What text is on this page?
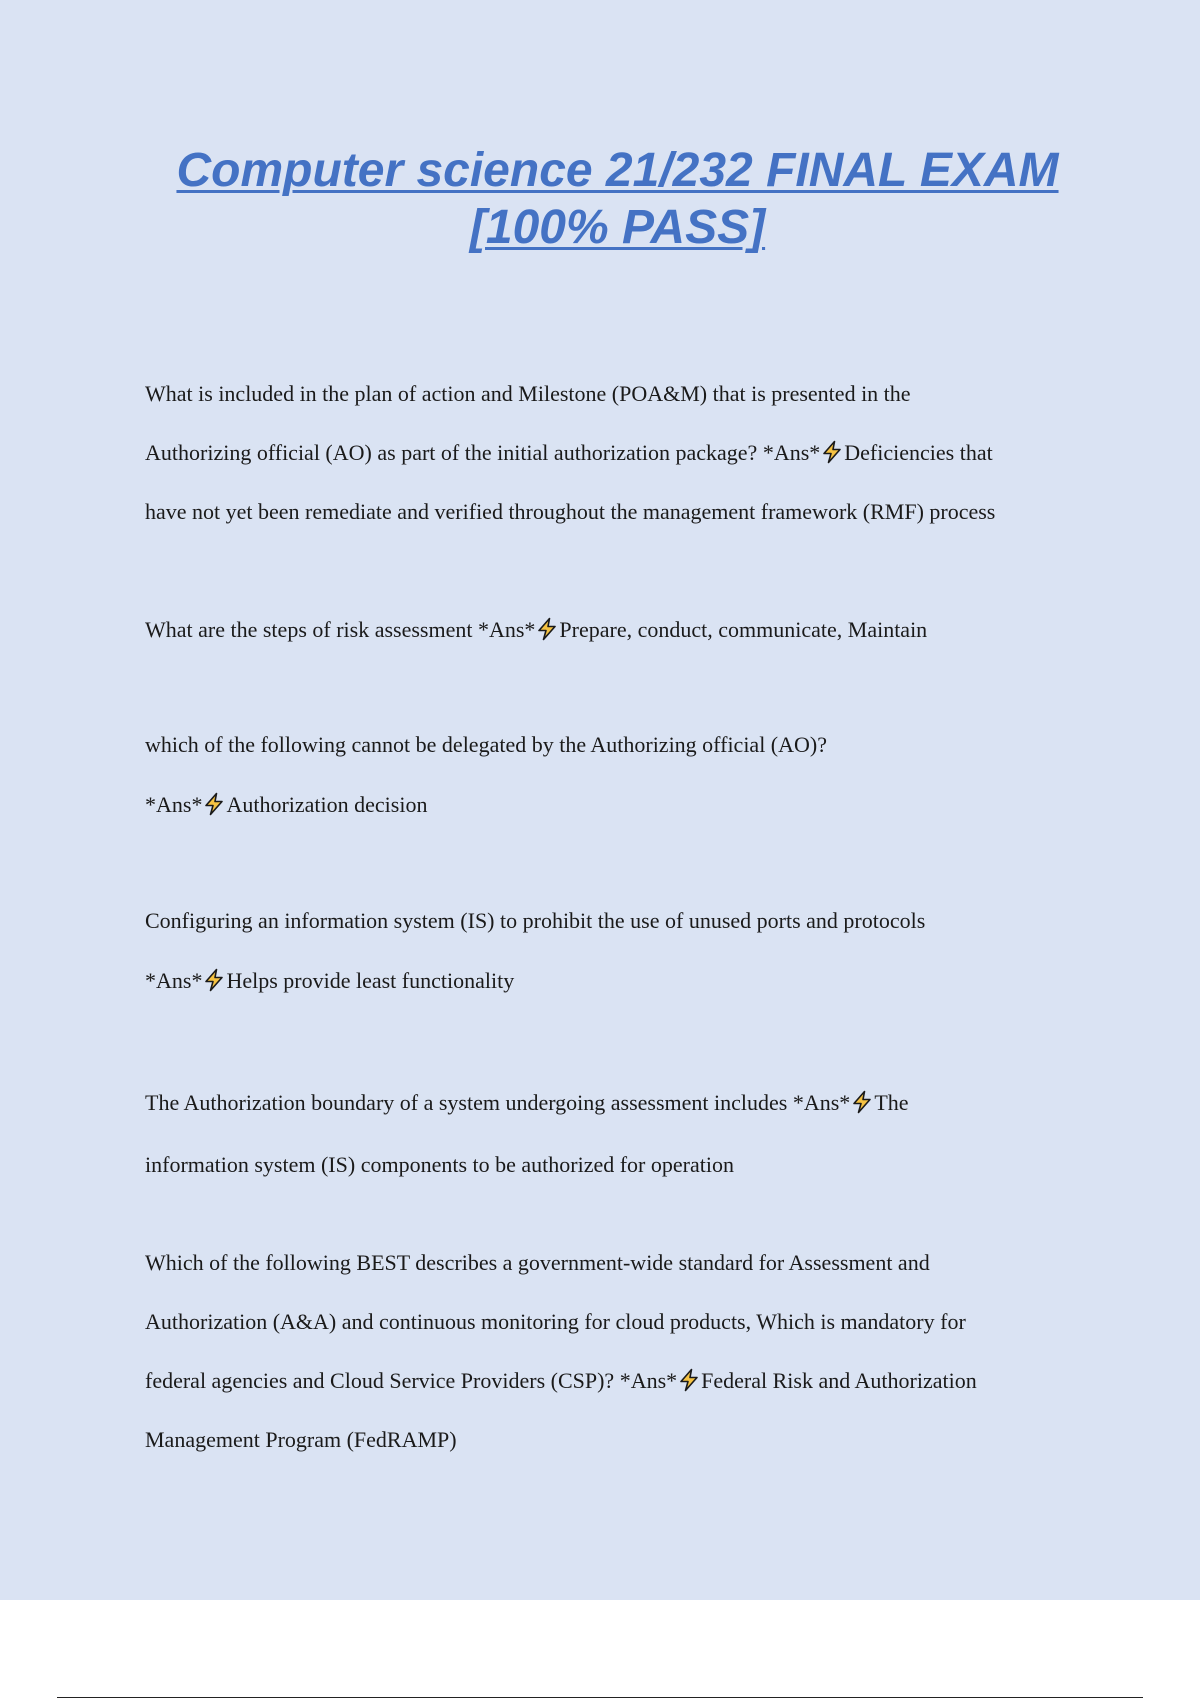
Computer science 21/232 FINAL EXAM
[100% PASS]

What is included in the plan of action and Milestone (POA&M) that is presented in the
Authorizing official (AO) as part of the initial authorization package? *Ans* Deficiencies that
have not yet been remediate and verified throughout the management framework (RMF) process

What are the steps of risk assessment *Ans* Prepare, conduct, communicate, Maintain

which of the following cannot be delegated by the Authorizing official (AO)?
*Ans* Authorization decision

Configuring an information system (IS) to prohibit the use of unused ports and protocols
*Ans* Helps provide least functionality

The Authorization boundary of a system undergoing assessment includes *Ans* The
information system (IS) components to be authorized for operation

Which of the following BEST describes a government-wide standard for Assessment and
Authorization (A&A) and continuous monitoring for cloud products, Which is mandatory for
federal agencies and Cloud Service Providers (CSP)? *Ans* Federal Risk and Authorization
Management Program (FedRAMP)
